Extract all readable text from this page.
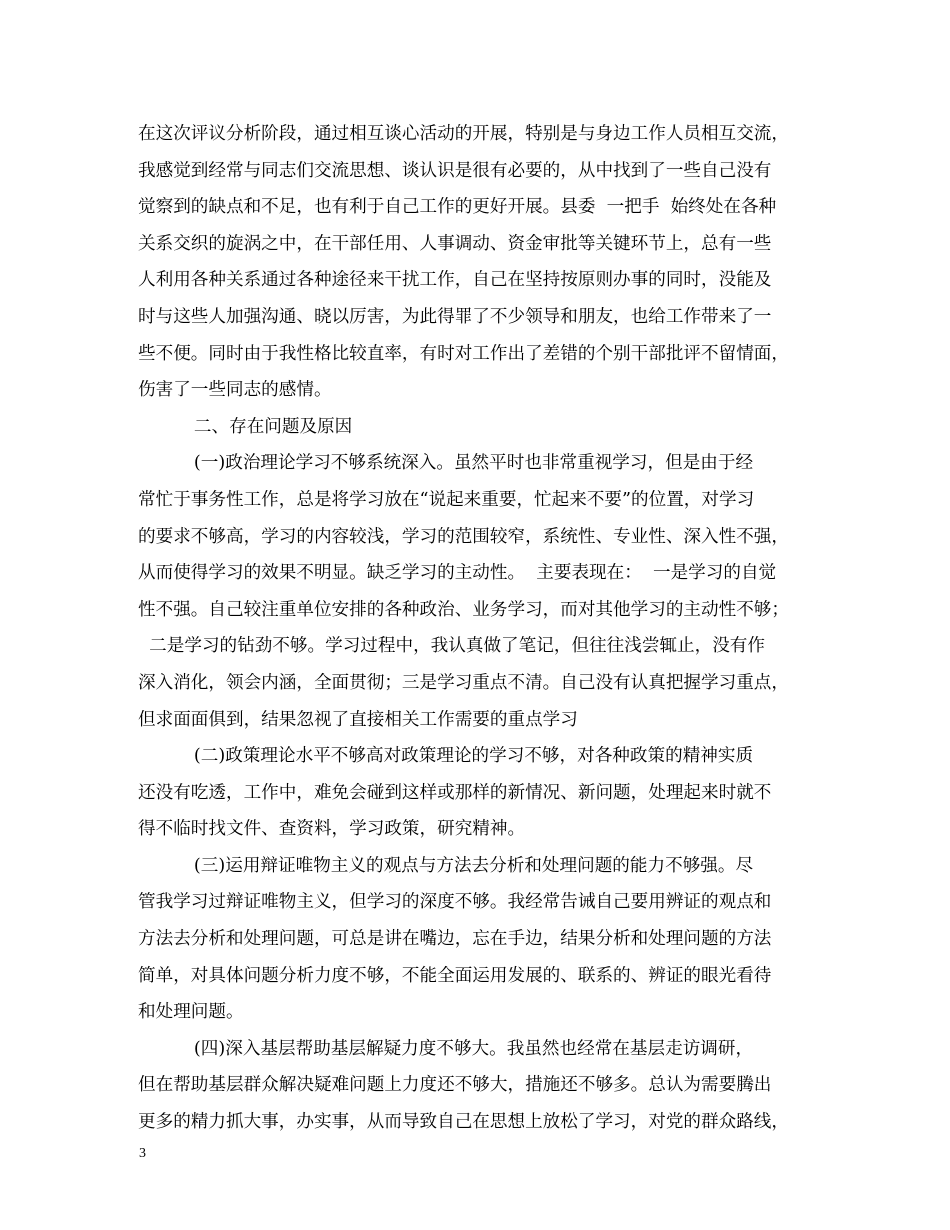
在这次评议分析阶段，通过相互谈心活动的开展，特别是与身边工作人员相互交流，
我感觉到经常与同志们交流思想、谈认识是很有必要的，从中找到了一些自己没有
觉察到的缺点和不足，也有利于自己工作的更好开展。县委  一把手  始终处在各种
关系交织的旋涡之中，在干部任用、人事调动、资金审批等关键环节上，总有一些
人利用各种关系通过各种途径来干扰工作，自己在坚持按原则办事的同时，没能及
时与这些人加强沟通、晓以厉害，为此得罪了不少领导和朋友，也给工作带来了一
些不便。同时由于我性格比较直率，有时对工作出了差错的个别干部批评不留情面，
伤害了一些同志的感情。
二、存在问题及原因
(一)政治理论学习不够系统深入。虽然平时也非常重视学习，但是由于经
常忙于事务性工作，总是将学习放在“说起来重要，忙起来不要”的位置，对学习
的要求不够高，学习的内容较浅，学习的范围较窄，系统性、专业性、深入性不强，
从而使得学习的效果不明显。缺乏学习的主动性。  主要表现在：  一是学习的自觉
性不强。自己较注重单位安排的各种政治、业务学习，而对其他学习的主动性不够；
二是学习的钻劲不够。学习过程中，我认真做了笔记，但往往浅尝辄止，没有作
深入消化，领会内涵，全面贯彻；三是学习重点不清。自己没有认真把握学习重点，
但求面面俱到，结果忽视了直接相关工作需要的重点学习
(二)政策理论水平不够高对政策理论的学习不够，对各种政策的精神实质
还没有吃透，工作中，难免会碰到这样或那样的新情况、新问题，处理起来时就不
得不临时找文件、查资料，学习政策，研究精神。
(三)运用辩证唯物主义的观点与方法去分析和处理问题的能力不够强。尽
管我学习过辩证唯物主义，但学习的深度不够。我经常告诫自己要用辨证的观点和
方法去分析和处理问题，可总是讲在嘴边，忘在手边，结果分析和处理问题的方法
简单，对具体问题分析力度不够，不能全面运用发展的、联系的、辨证的眼光看待
和处理问题。
(四)深入基层帮助基层解疑力度不够大。我虽然也经常在基层走访调研，
但在帮助基层群众解决疑难问题上力度还不够大，措施还不够多。总认为需要腾出
更多的精力抓大事，办实事，从而导致自己在思想上放松了学习，对党的群众路线，
3
